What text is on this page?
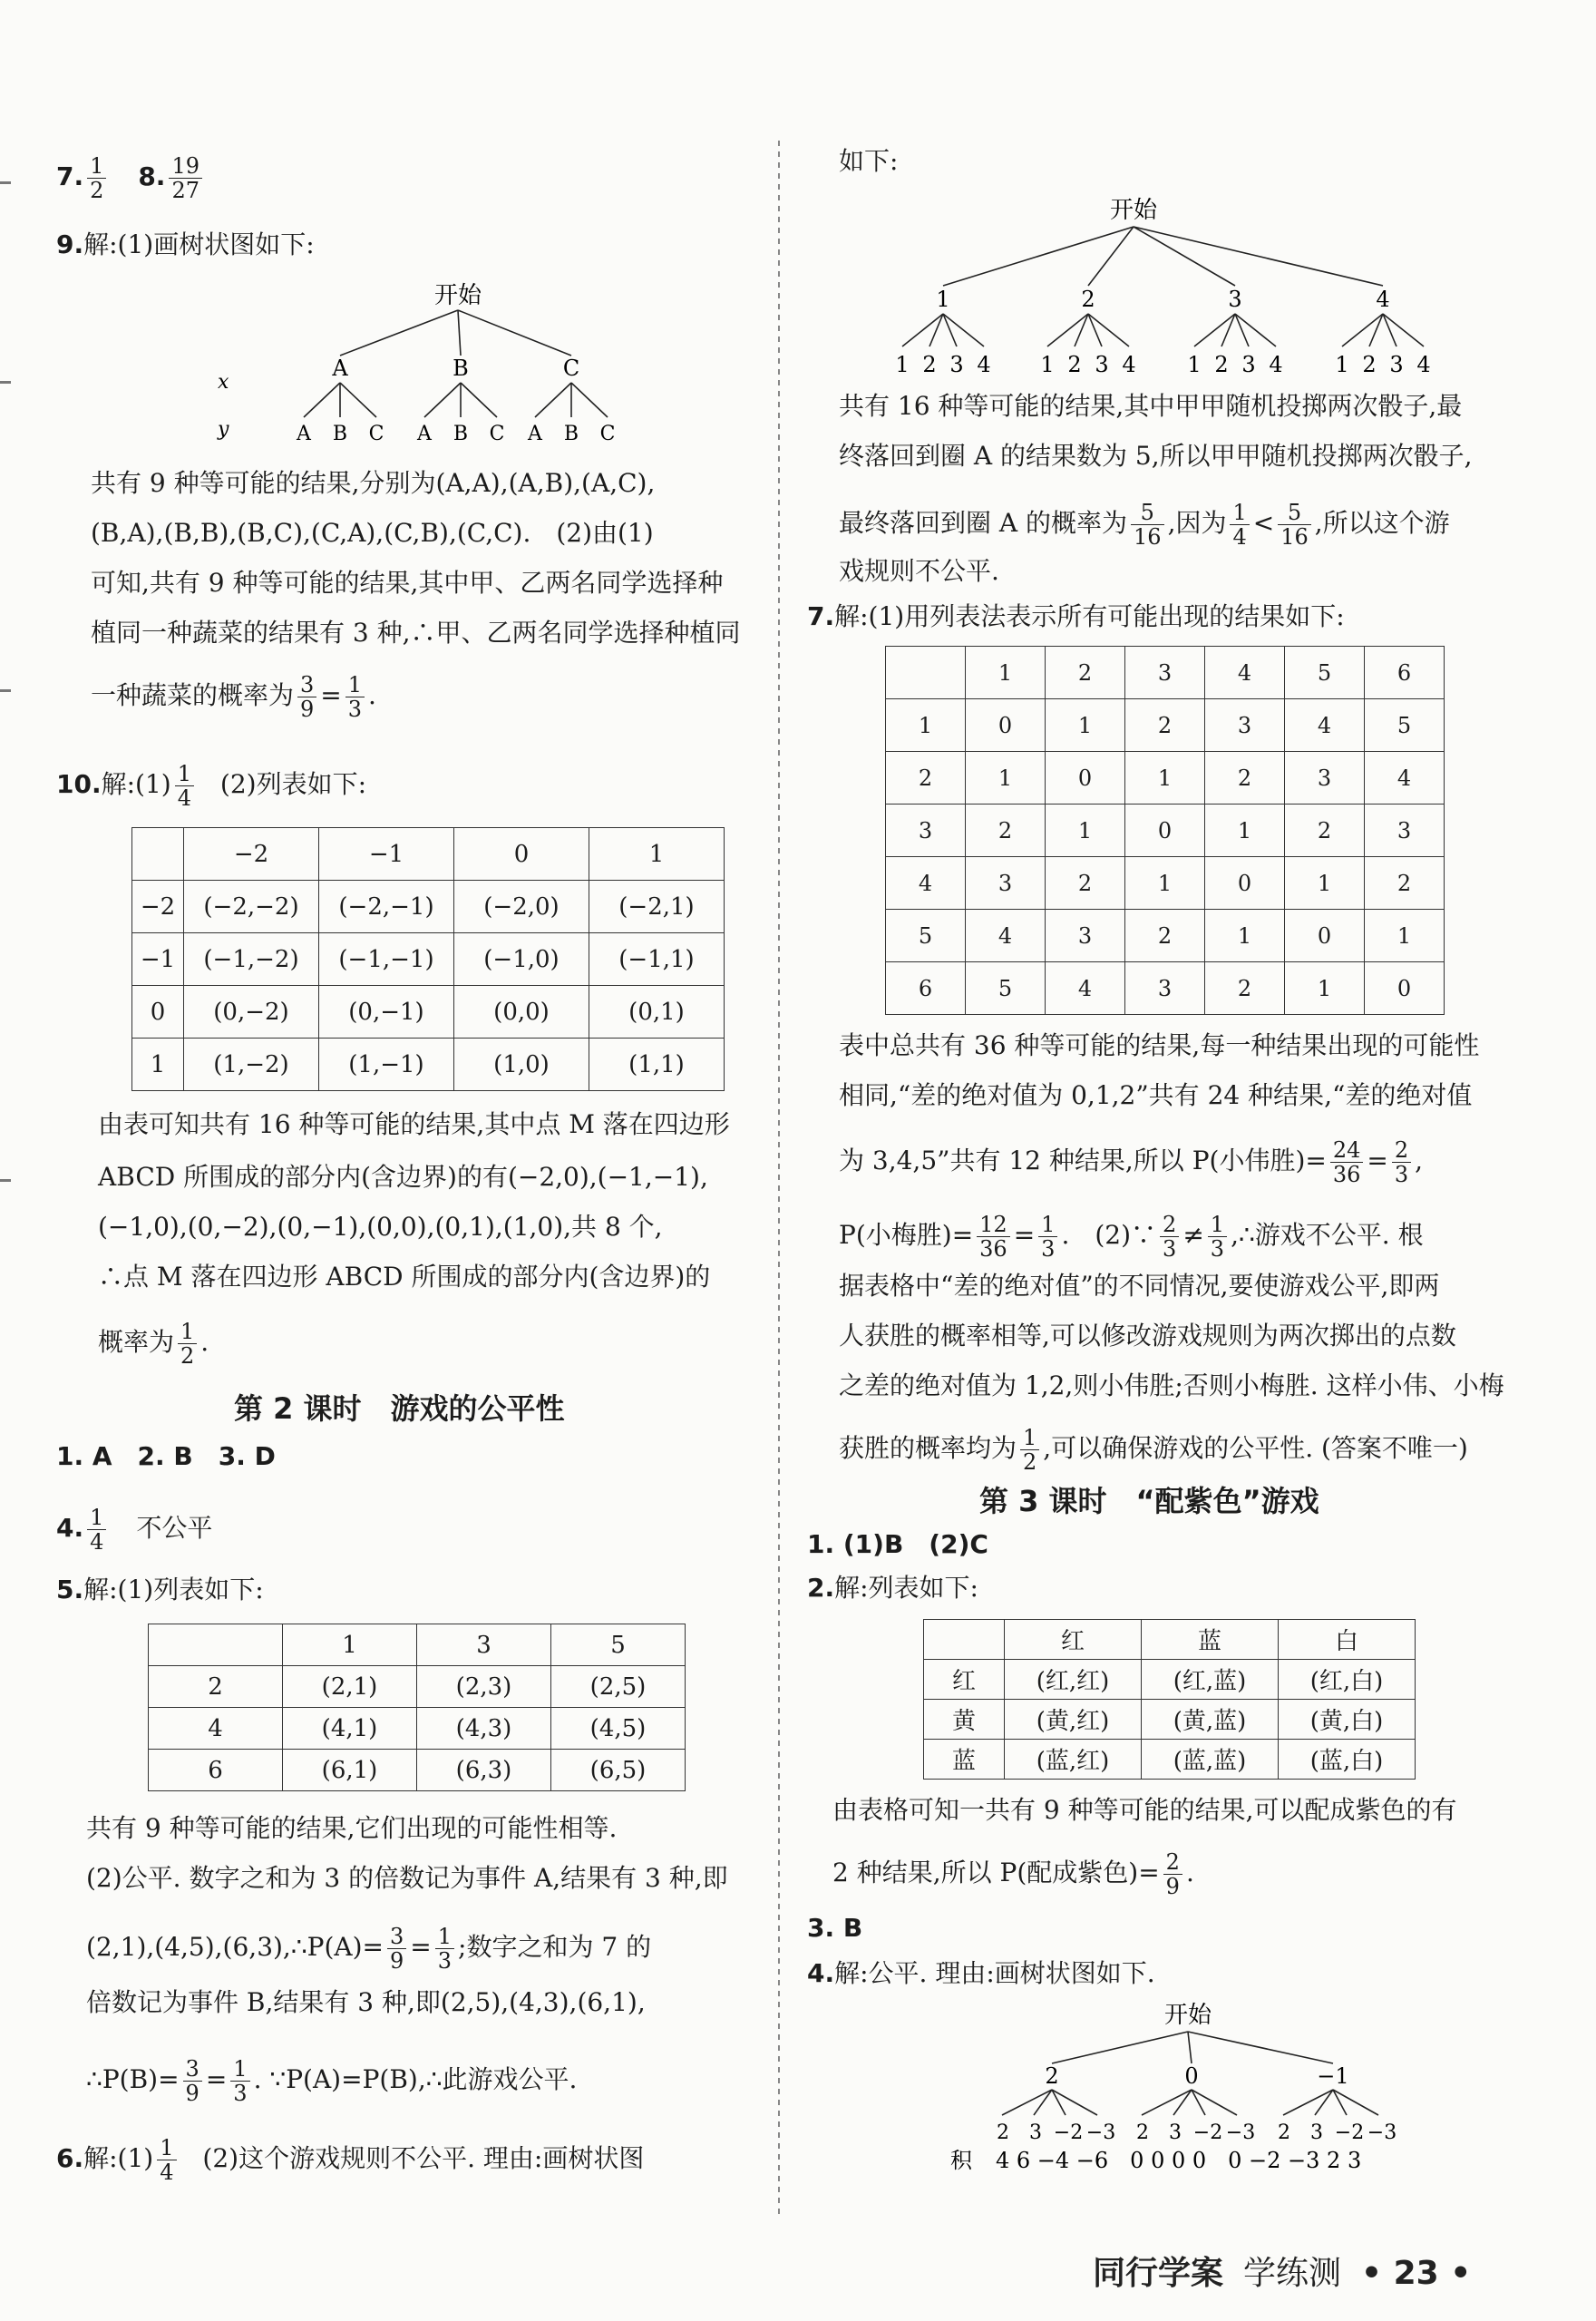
7. $\frac{1}{2} 8$. $\frac{19}{27}$
9.解:(1)画树状图如下:
x
y
开始
A	B	C
A B C A B C A B C
共有 9 种等可能的结果,分别为(A,A),(A,B),(A,C),
(B,A),(B,B),(B,C),(C,A),(C,B),(C,C).　(2)由(1)
可知,共有 9 种等可能的结果,其中甲、乙两名同学选择种
植同一种蔬菜的结果有 3 种,∴甲、乙两名同学选择种植同
一种蔬菜的概率为 $\frac{3}{9} = \frac{1}{3}$ .
10.解:(1) $\frac{1}{4} (2)$列表如下:
	−2	−1	0	1
−2	(−2,−2)	(−2,−1)	(−2,0)	(−2,1)
−1	(−1,−2)	(−1,−1)	(−1,0)	(−1,1)
0	(0,−2)	(0,−1)	(0,0)	(0,1)
1	(1,−2)	(1,−1)	(1,0)	(1,1)
由表可知共有 16 种等可能的结果,其中点 M 落在四边形
ABCD 所围成的部分内(含边界)的有(−2,0),(−1,−1),
(−1,0),(0,−2),(0,−1),(0,0),(0,1),(1,0),共 8 个,
∴点 M 落在四边形 ABCD 所围成的部分内(含边界)的
概率为 $\frac{1}{2}$ .
第 2 课时　游戏的公平性
1. A　2. B　3. D
4. $\frac{1}{4}$ 不公平
5.解:(1)列表如下:
	1	3	5
2	(2,1)	(2,3)	(2,5)
4	(4,1)	(4,3)	(4,5)
6	(6,1)	(6,3)	(6,5)
共有 9 种等可能的结果,它们出现的可能性相等.
(2)公平. 数字之和为 3 的倍数记为事件 A,结果有 3 种,即
(2,1),(4,5),(6,3),∴P(A)= $\frac{3}{9} = \frac{1}{3}$ ;数字之和为 7 的
倍数记为事件 B,结果有 3 种,即(2,5),(4,3),(6,1),
∴P(B)= $\frac{3}{9} = \frac{1}{3}$ . ∵P(A)=P(B),∴此游戏公平.
6.解:(1) $\frac{1}{4} (2)$这个游戏规则不公平. 理由:画树状图
如下:
开始
1	2	3	4
1 2 3 4 1 2 3 4 1 2 3 4 1 2 3 4
共有 16 种等可能的结果,其中甲甲随机投掷两次骰子,最
终落回到圈 A 的结果数为 5,所以甲甲随机投掷两次骰子,
最终落回到圈 A 的概率为 $\frac{5}{16}$ ,因为 $\frac{1}{4} < \frac{5}{16}$ ,所以这个游
戏规则不公平.
7.解:(1)用列表法表示所有可能出现的结果如下:
	1	2	3	4	5	6
1	0	1	2	3	4	5
2	1	0	1	2	3	4
3	2	1	0	1	2	3
4	3	2	1	0	1	2
5	4	3	2	1	0	1
6	5	4	3	2	1	0
表中总共有 36 种等可能的结果,每一种结果出现的可能性
相同,“差的绝对值为 0,1,2”共有 24 种结果,“差的绝对值
为 3,4,5”共有 12 种结果,所以 P(小伟胜)= $\frac{24}{36} = \frac{2}{3}$ ,
P(小梅胜)= $\frac{12}{36} = \frac{1}{3}$ .　(2)∵ $\frac{2}{3} \ne \frac{1}{3}$ ,∴游戏不公平. 根
据表格中“差的绝对值”的不同情况,要使游戏公平,即两
人获胜的概率相等,可以修改游戏规则为两次掷出的点数
之差的绝对值为 1,2,则小伟胜;否则小梅胜. 这样小伟、小梅
获胜的概率均为 $\frac{1}{2}$ ,可以确保游戏的公平性. (答案不唯一)
第 3 课时　“配紫色”游戏
1. (1)B　(2)C
2.解:列表如下:
	红	蓝	白
红	(红,红)	(红,蓝)	(红,白)
黄	(黄,红)	(黄,蓝)	(黄,白)
蓝	(蓝,红)	(蓝,蓝)	(蓝,白)
由表格可知一共有 9 种等可能的结果,可以配成紫色的有
2 种结果,所以 P(配成紫色)= $\frac{2}{9}$ .
3. B
4.解:公平. 理由:画树状图如下.
开始
2	0	−1
2 3 −2 −3 2 3 −2 −3 2 3 −2 −3
积 4 6 −4 −6　0 0 0 0　0 −2 −3 2 3
同行学案 学练测 • 23 •
